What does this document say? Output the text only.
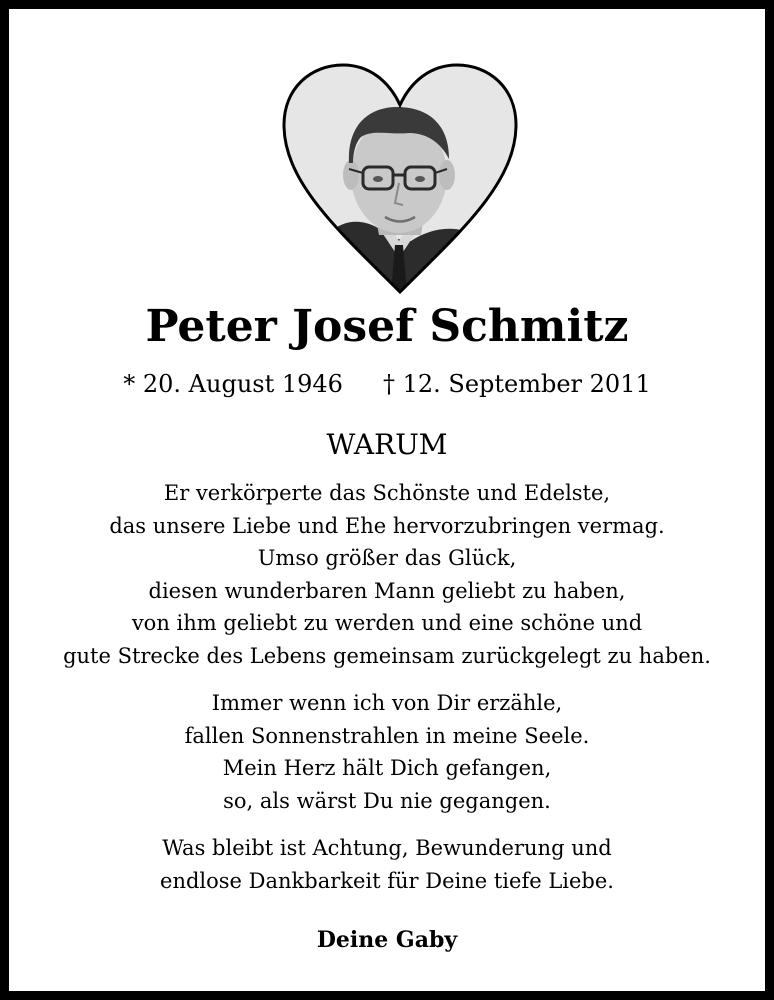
Peter Josef Schmitz
* 20. August 1946 † 12. September 2011
WARUM
Er verkörperte das Schönste und Edelste,
das unsere Liebe und Ehe hervorzubringen vermag.
Umso größer das Glück,
diesen wunderbaren Mann geliebt zu haben,
von ihm geliebt zu werden und eine schöne und
gute Strecke des Lebens gemeinsam zurückgelegt zu haben.
Immer wenn ich von Dir erzähle,
fallen Sonnenstrahlen in meine Seele.
Mein Herz hält Dich gefangen,
so, als wärst Du nie gegangen.
Was bleibt ist Achtung, Bewunderung und
endlose Dankbarkeit für Deine tiefe Liebe.
Deine Gaby
